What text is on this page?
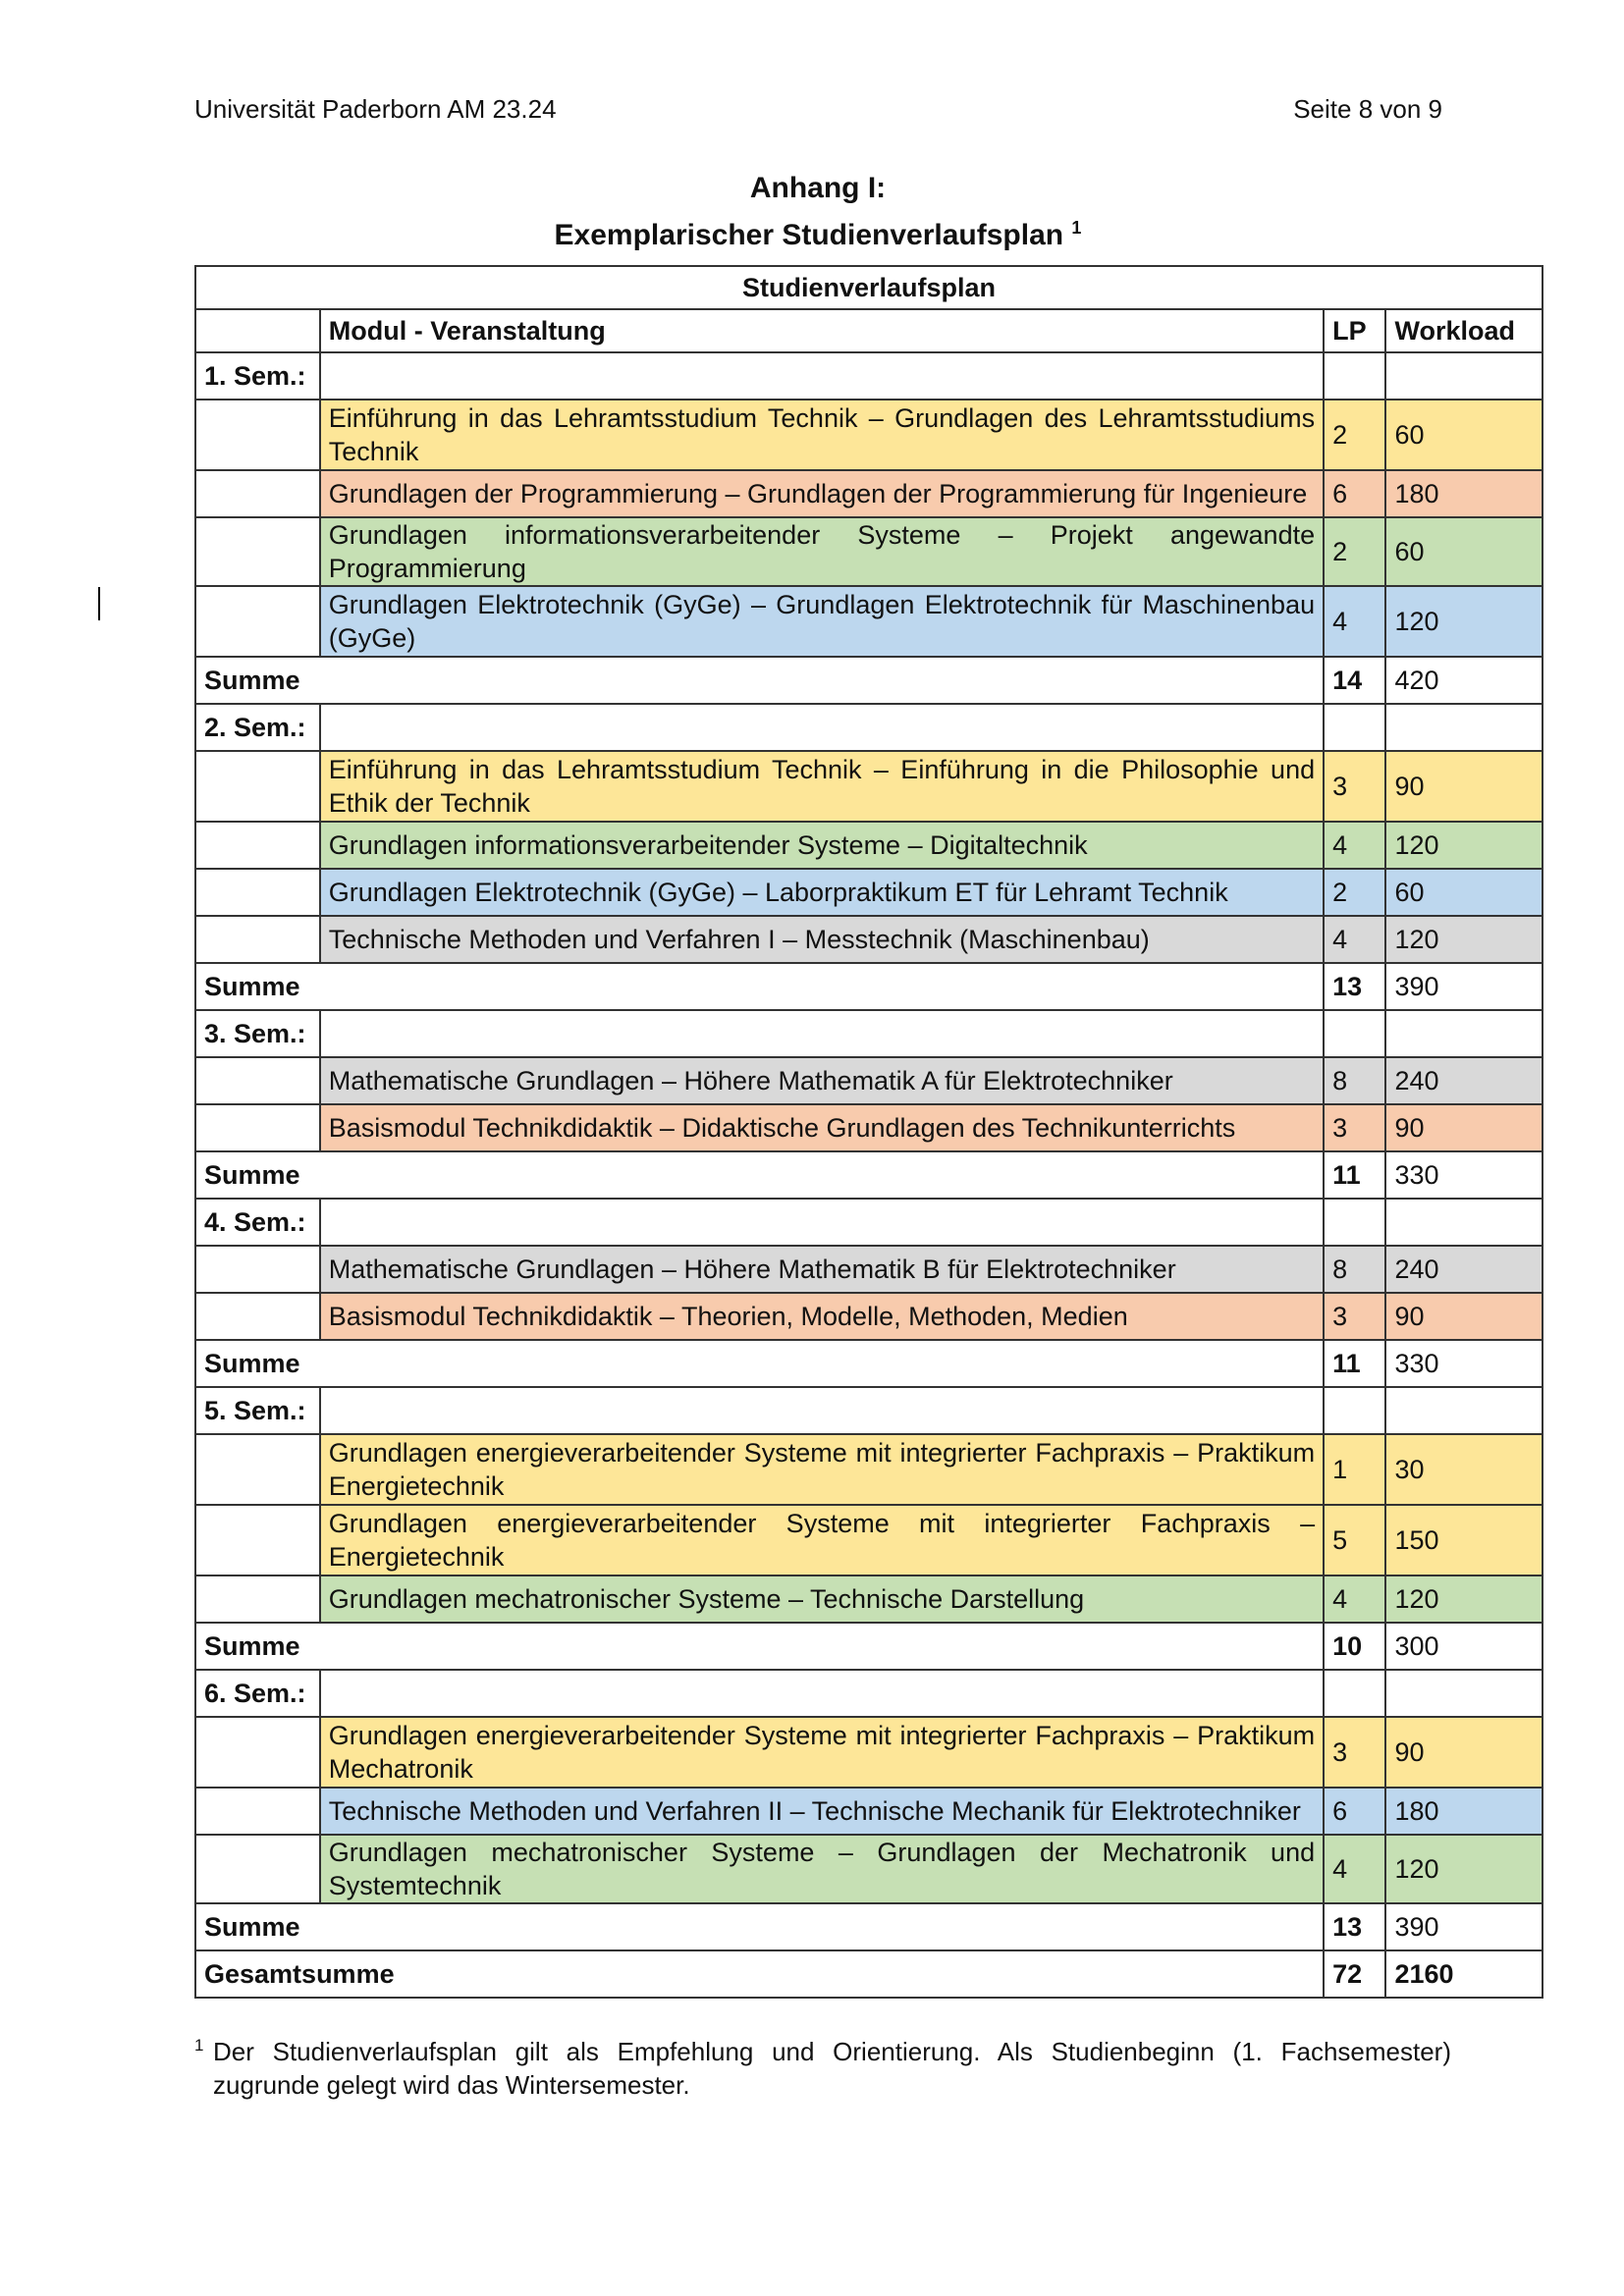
Universität Paderborn AM 23.24	Seite 8 von 9
Anhang I:
Exemplarischer Studienverlaufsplan $^1$
Studienverlaufsplan			
	Modul - Veranstaltung	LP	Workload
1. Sem.:			
	Einführung in das Lehramtsstudium Technik – Grundlagen des Lehramtsstudiums Technik	2	60
	Grundlagen der Programmierung – Grundlagen der Programmierung für Ingenieure	6	180
	Grundlagen informationsverarbeitender Systeme – Projekt angewandte Programmierung	2	60
	Grundlagen Elektrotechnik (GyGe) – Grundlagen Elektrotechnik für Maschinenbau (GyGe)	4	120
Summe		14	420
2. Sem.:			
	Einführung in das Lehramtsstudium Technik – Einführung in die Philosophie und Ethik der Technik	3	90
	Grundlagen informationsverarbeitender Systeme – Digitaltechnik	4	120
	Grundlagen Elektrotechnik (GyGe) – Laborpraktikum ET für Lehramt Technik	2	60
	Technische Methoden und Verfahren I – Messtechnik (Maschinenbau)	4	120
Summe		13	390
3. Sem.:			
	Mathematische Grundlagen – Höhere Mathematik A für Elektrotechniker	8	240
	Basismodul Technikdidaktik – Didaktische Grundlagen des Technikunterrichts	3	90
Summe		11	330
4. Sem.:			
	Mathematische Grundlagen – Höhere Mathematik B für Elektrotechniker	8	240
	Basismodul Technikdidaktik – Theorien, Modelle, Methoden, Medien	3	90
Summe		11	330
5. Sem.:			
	Grundlagen energieverarbeitender Systeme mit integrierter Fachpraxis – Praktikum Energietechnik	1	30
	Grundlagen energieverarbeitender Systeme mit integrierter Fachpraxis – Energietechnik	5	150
	Grundlagen mechatronischer Systeme – Technische Darstellung	4	120
Summe		10	300
6. Sem.:			
	Grundlagen energieverarbeitender Systeme mit integrierter Fachpraxis – Praktikum Mechatronik	3	90
	Technische Methoden und Verfahren II – Technische Mechanik für Elektrotechniker	6	180
	Grundlagen mechatronischer Systeme – Grundlagen der Mechatronik und Systemtechnik	4	120
Summe		13	390
Gesamtsumme		72	2160
1 Der Studienverlaufsplan gilt als Empfehlung und Orientierung. Als Studienbeginn (1. Fachsemester) zugrunde gelegt wird das Wintersemester.
